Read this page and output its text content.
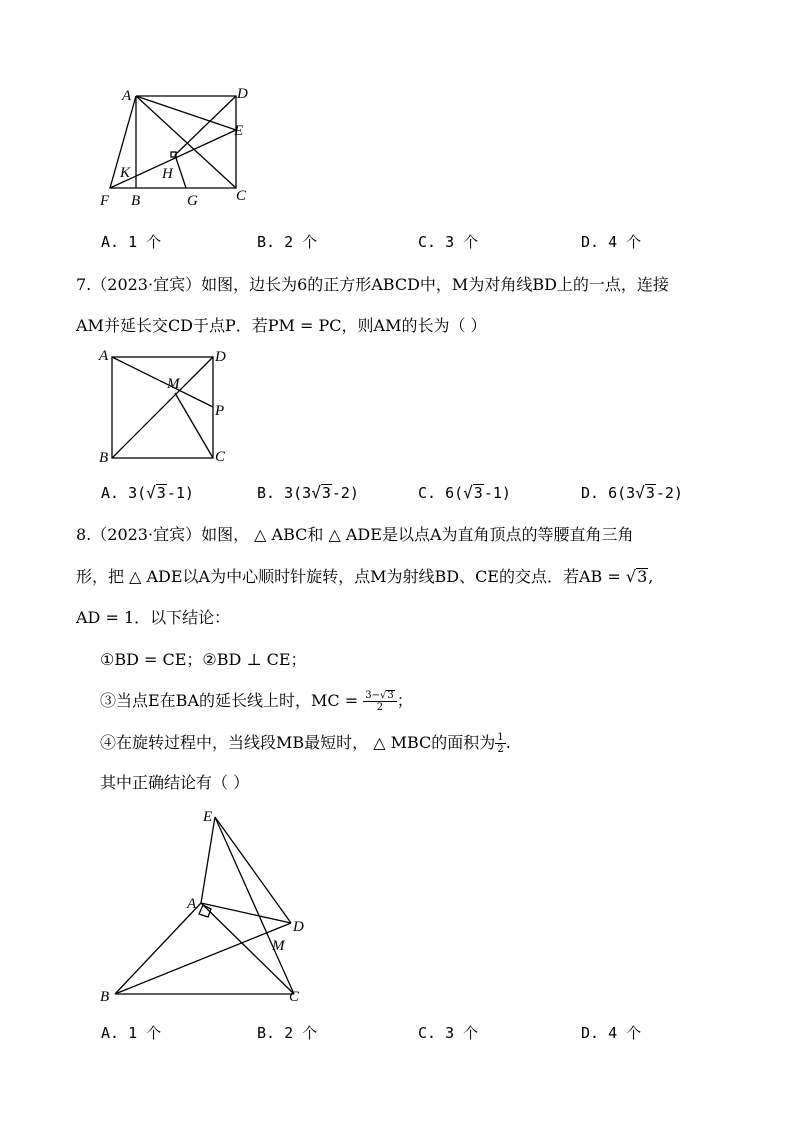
A	D
E
K H
F B	G	C
A. 1 个	B. 2 个	C. 3 个	D. 4 个
7.（2023·宜宾）如图，边长为6的正方形ABCD中，M为对角线BD上的一点，连接
AM并延长交CD于点P．若PM = PC，则AM的长为（ ）
A	D
M
P
B	C
A. 3(√3-1)	B. 3(3√3-2)	C. 6(√3-1)	D. 6(3√3-2)
8.（2023·宜宾）如图， △ ABC和 △ ADE是以点A为直角顶点的等腰直角三角
形，把 △ ADE以A为中心顺时针旋转，点M为射线BD、CE的交点．若AB = √3,
AD = 1．以下结论：
①BD = CE；②BD ⊥ CE；
③当点E在BA的延长线上时，MC = $\frac{3-√3}{2}$ ；
④在旋转过程中，当线段MB最短时， △ MBC的面积为 $\frac{1}{2}$ .
其中正确结论有（ ）
E
A
D
M
B	C
A. 1 个	B. 2 个	C. 3 个	D. 4 个
